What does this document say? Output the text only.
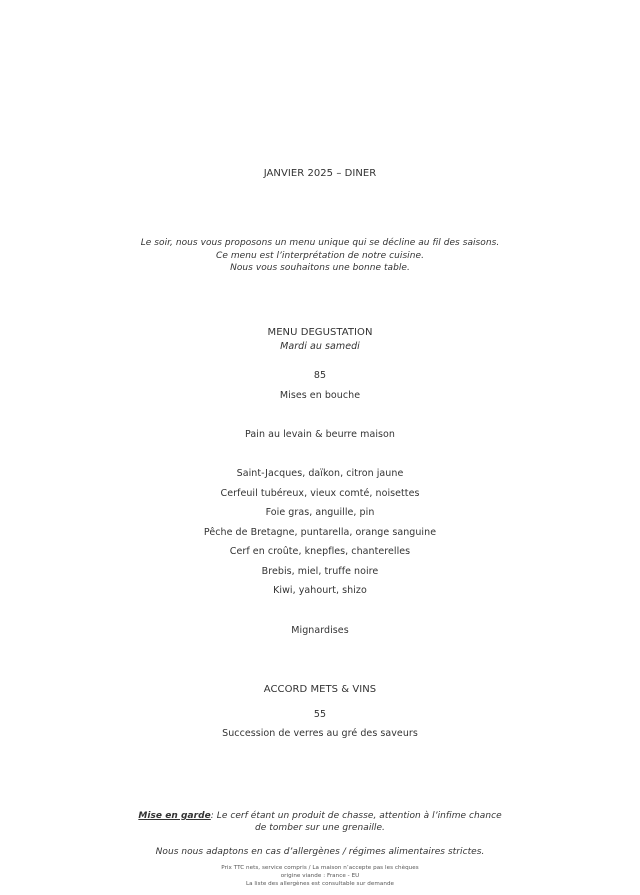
JANVIER 2025 – DINER
Le soir, nous vous proposons un menu unique qui se décline au fil des saisons.
Ce menu est l’interprétation de notre cuisine.
Nous vous souhaitons une bonne table.
MENU DEGUSTATION
Mardi au samedi
85
Mises en bouche
Pain au levain & beurre maison
Saint-Jacques, daïkon, citron jaune
Cerfeuil tubéreux, vieux comté, noisettes
Foie gras, anguille, pin
Pêche de Bretagne, puntarella, orange sanguine
Cerf en croûte, knepfles, chanterelles
Brebis, miel, truffe noire
Kiwi, yahourt, shizo
Mignardises
ACCORD METS & VINS
55
Succession de verres au gré des saveurs
Mise en garde: Le cerf étant un produit de chasse, attention à l’infime chance
de tomber sur une grenaille.
Nous nous adaptons en cas d’allergènes / régimes alimentaires strictes.
Prix TTC nets, service compris / La maison n’accepte pas les chèques
origine viande : France - EU
La liste des allergènes est consultable sur demande
